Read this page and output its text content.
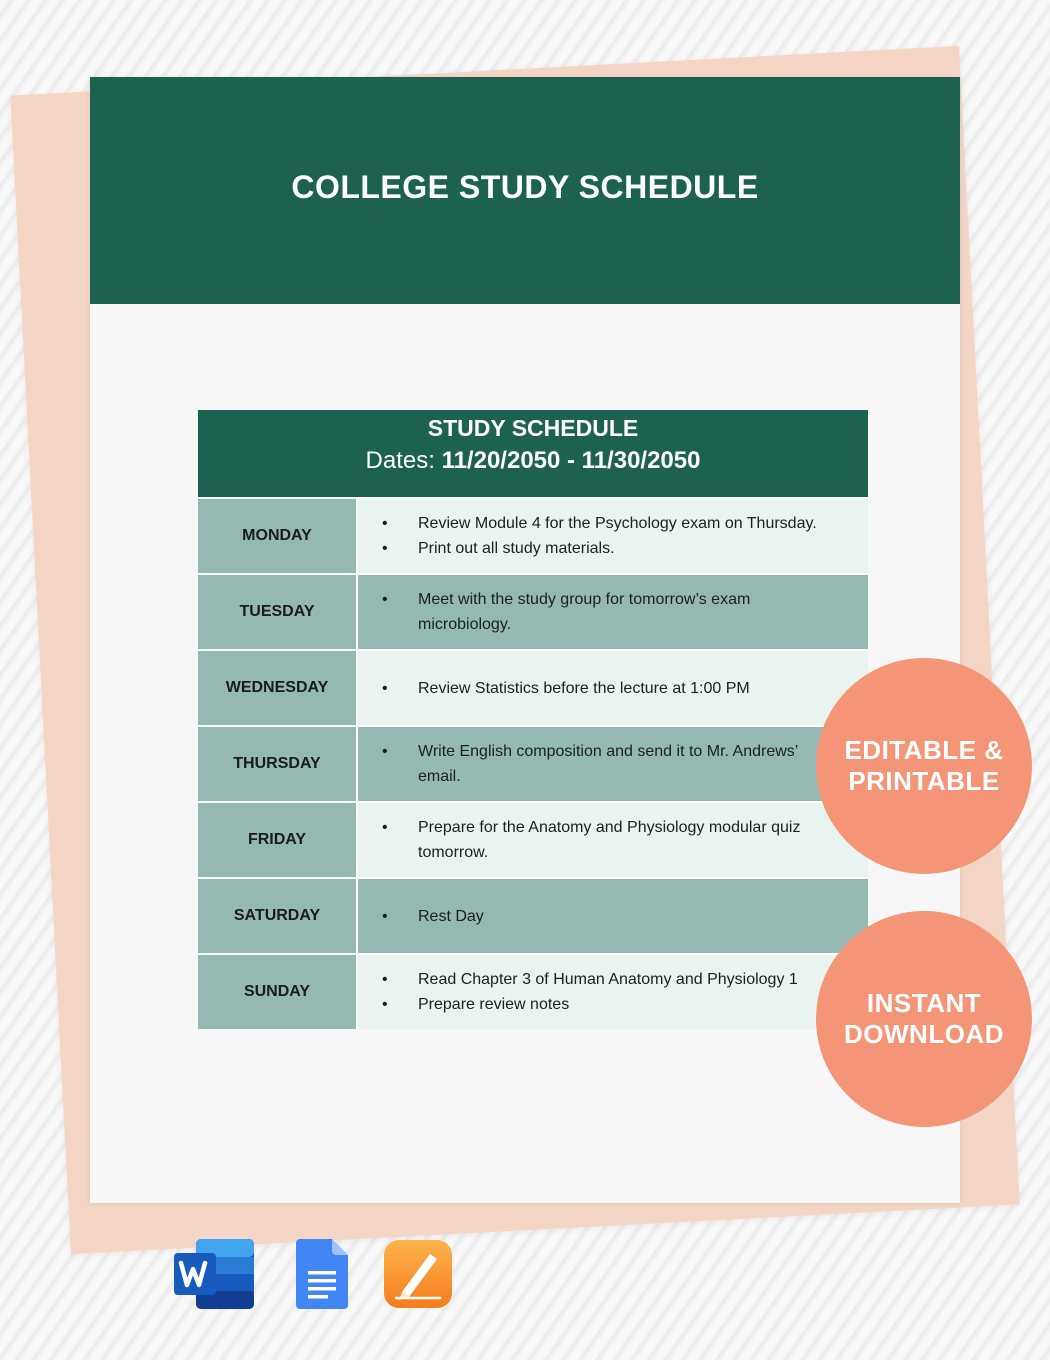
COLLEGE STUDY SCHEDULE
STUDY SCHEDULE
Dates: 11/20/2050 - 11/30/2050
MONDAY
• Review Module 4 for the Psychology exam on Thursday.
• Print out all study materials.
TUESDAY
• Meet with the study group for tomorrow’s exam microbiology.
WEDNESDAY	• Review Statistics before the lecture at 1:00 PM
THURSDAY
• Write English composition and send it to Mr. Andrews’ email.
FRIDAY
• Prepare for the Anatomy and Physiology modular quiz tomorrow.
SATURDAY	• Rest Day
SUNDAY
• Read Chapter 3 of Human Anatomy and Physiology 1
• Prepare review notes
EDITABLE &
PRINTABLE
INSTANT
DOWNLOAD
